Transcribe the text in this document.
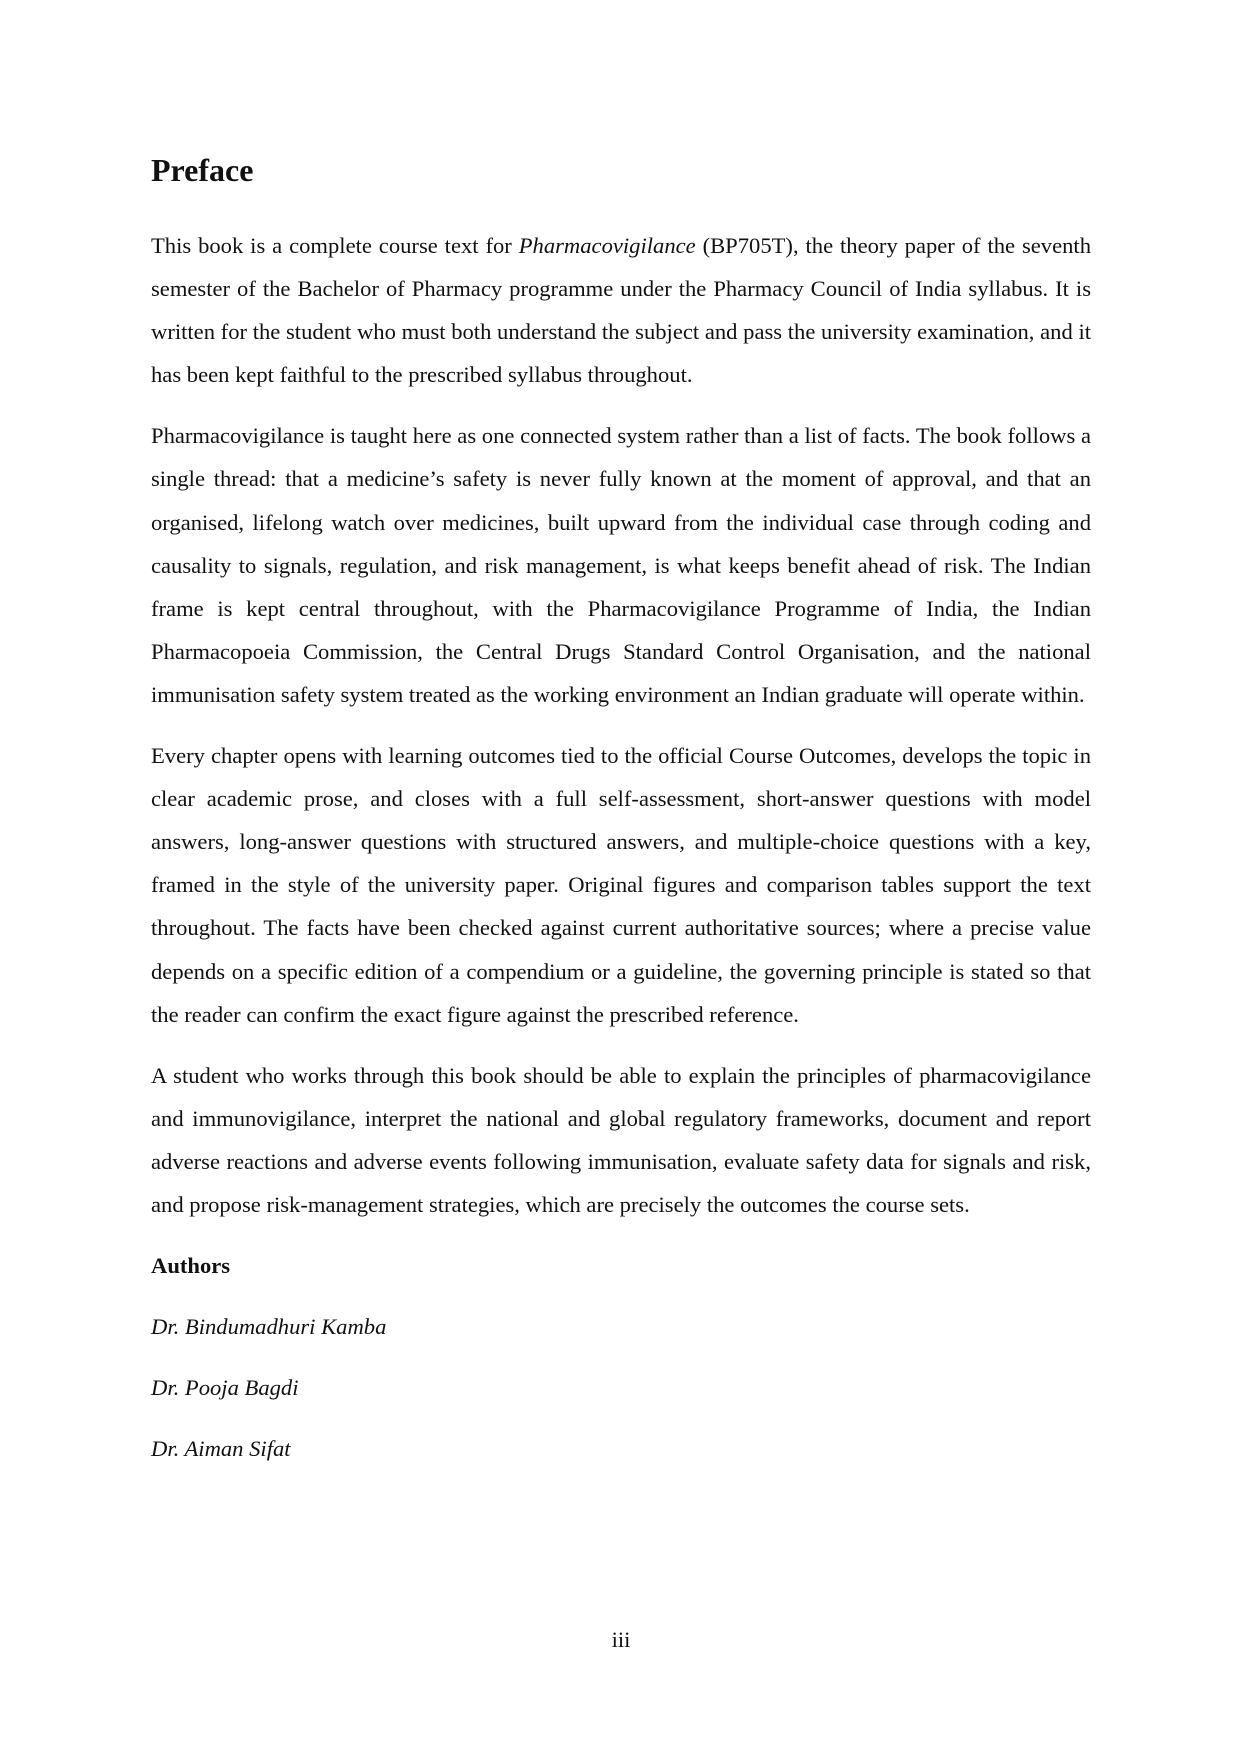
Preface

This book is a complete course text for Pharmacovigilance (BP705T), the theory paper of the seventh semester of the Bachelor of Pharmacy programme under the Pharmacy Council of India syllabus. It is written for the student who must both understand the subject and pass the university examination, and it has been kept faithful to the prescribed syllabus throughout.

Pharmacovigilance is taught here as one connected system rather than a list of facts. The book follows a single thread: that a medicine’s safety is never fully known at the moment of approval, and that an organised, lifelong watch over medicines, built upward from the individual case through coding and causality to signals, regulation, and risk management, is what keeps benefit ahead of risk. The Indian frame is kept central throughout, with the Pharmacovigilance Programme of India, the Indian Pharmacopoeia Commission, the Central Drugs Standard Control Organisation, and the national immunisation safety system treated as the working environment an Indian graduate will operate within.

Every chapter opens with learning outcomes tied to the official Course Outcomes, develops the topic in clear academic prose, and closes with a full self-assessment, short-answer questions with model answers, long-answer questions with structured answers, and multiple-choice questions with a key, framed in the style of the university paper. Original figures and comparison tables support the text throughout. The facts have been checked against current authoritative sources; where a precise value depends on a specific edition of a compendium or a guideline, the governing principle is stated so that the reader can confirm the exact figure against the prescribed reference.

A student who works through this book should be able to explain the principles of pharmacovigilance and immunovigilance, interpret the national and global regulatory frameworks, document and report adverse reactions and adverse events following immunisation, evaluate safety data for signals and risk, and propose risk-management strategies, which are precisely the outcomes the course sets.

Authors

Dr. Bindumadhuri Kamba

Dr. Pooja Bagdi

Dr. Aiman Sifat

iii
